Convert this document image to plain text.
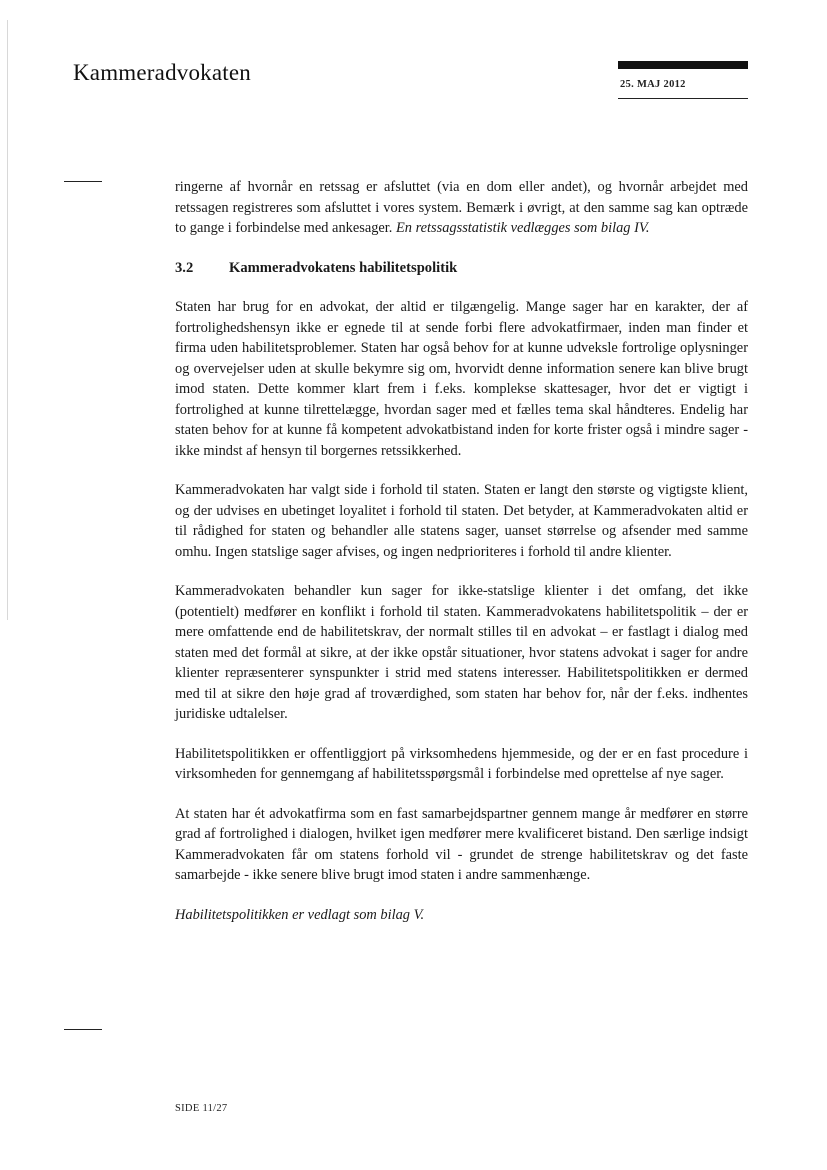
Kammeradvokaten	25. MAJ 2012

ringerne af hvornår en retssag er afsluttet (via en dom eller andet), og hvornår arbejdet med retssagen registreres som afsluttet i vores system. Bemærk i øvrigt, at den samme sag kan optræde to gange i forbindelse med ankesager. En retssagsstatistik vedlægges som bilag IV.

3.2	Kammeradvokatens habilitetspolitik

Staten har brug for en advokat, der altid er tilgængelig. Mange sager har en karakter, der af fortrolighedshensyn ikke er egnede til at sende forbi flere advokatfirmaer, inden man finder et firma uden habilitetsproblemer. Staten har også behov for at kunne udveksle fortrolige oplysninger og overvejelser uden at skulle bekymre sig om, hvorvidt denne information senere kan blive brugt imod staten. Dette kommer klart frem i f.eks. komplekse skattesager, hvor det er vigtigt i fortrolighed at kunne tilrettelægge, hvordan sager med et fælles tema skal håndteres. Endelig har staten behov for at kunne få kompetent advokatbistand inden for korte frister også i mindre sager - ikke mindst af hensyn til borgernes retssikkerhed.

Kammeradvokaten har valgt side i forhold til staten. Staten er langt den største og vigtigste klient, og der udvises en ubetinget loyalitet i forhold til staten. Det betyder, at Kammeradvokaten altid er til rådighed for staten og behandler alle statens sager, uanset størrelse og afsender med samme omhu. Ingen statslige sager afvises, og ingen nedprioriteres i forhold til andre klienter.

Kammeradvokaten behandler kun sager for ikke-statslige klienter i det omfang, det ikke (potentielt) medfører en konflikt i forhold til staten. Kammeradvokatens habilitetspolitik – der er mere omfattende end de habilitetskrav, der normalt stilles til en advokat – er fastlagt i dialog med staten med det formål at sikre, at der ikke opstår situationer, hvor statens advokat i sager for andre klienter repræsenterer synspunkter i strid med statens interesser. Habilitetspolitikken er dermed med til at sikre den høje grad af troværdighed, som staten har behov for, når der f.eks. indhentes juridiske udtalelser.

Habilitetspolitikken er offentliggjort på virksomhedens hjemmeside, og der er en fast procedure i virksomheden for gennemgang af habilitetsspørgsmål i forbindelse med oprettelse af nye sager.

At staten har ét advokatfirma som en fast samarbejdspartner gennem mange år medfører en større grad af fortrolighed i dialogen, hvilket igen medfører mere kvalificeret bistand. Den særlige indsigt Kammeradvokaten får om statens forhold vil - grundet de strenge habilitetskrav og det faste samarbejde - ikke senere blive brugt imod staten i andre sammenhænge.

Habilitetspolitikken er vedlagt som bilag V.

SIDE 11/27
